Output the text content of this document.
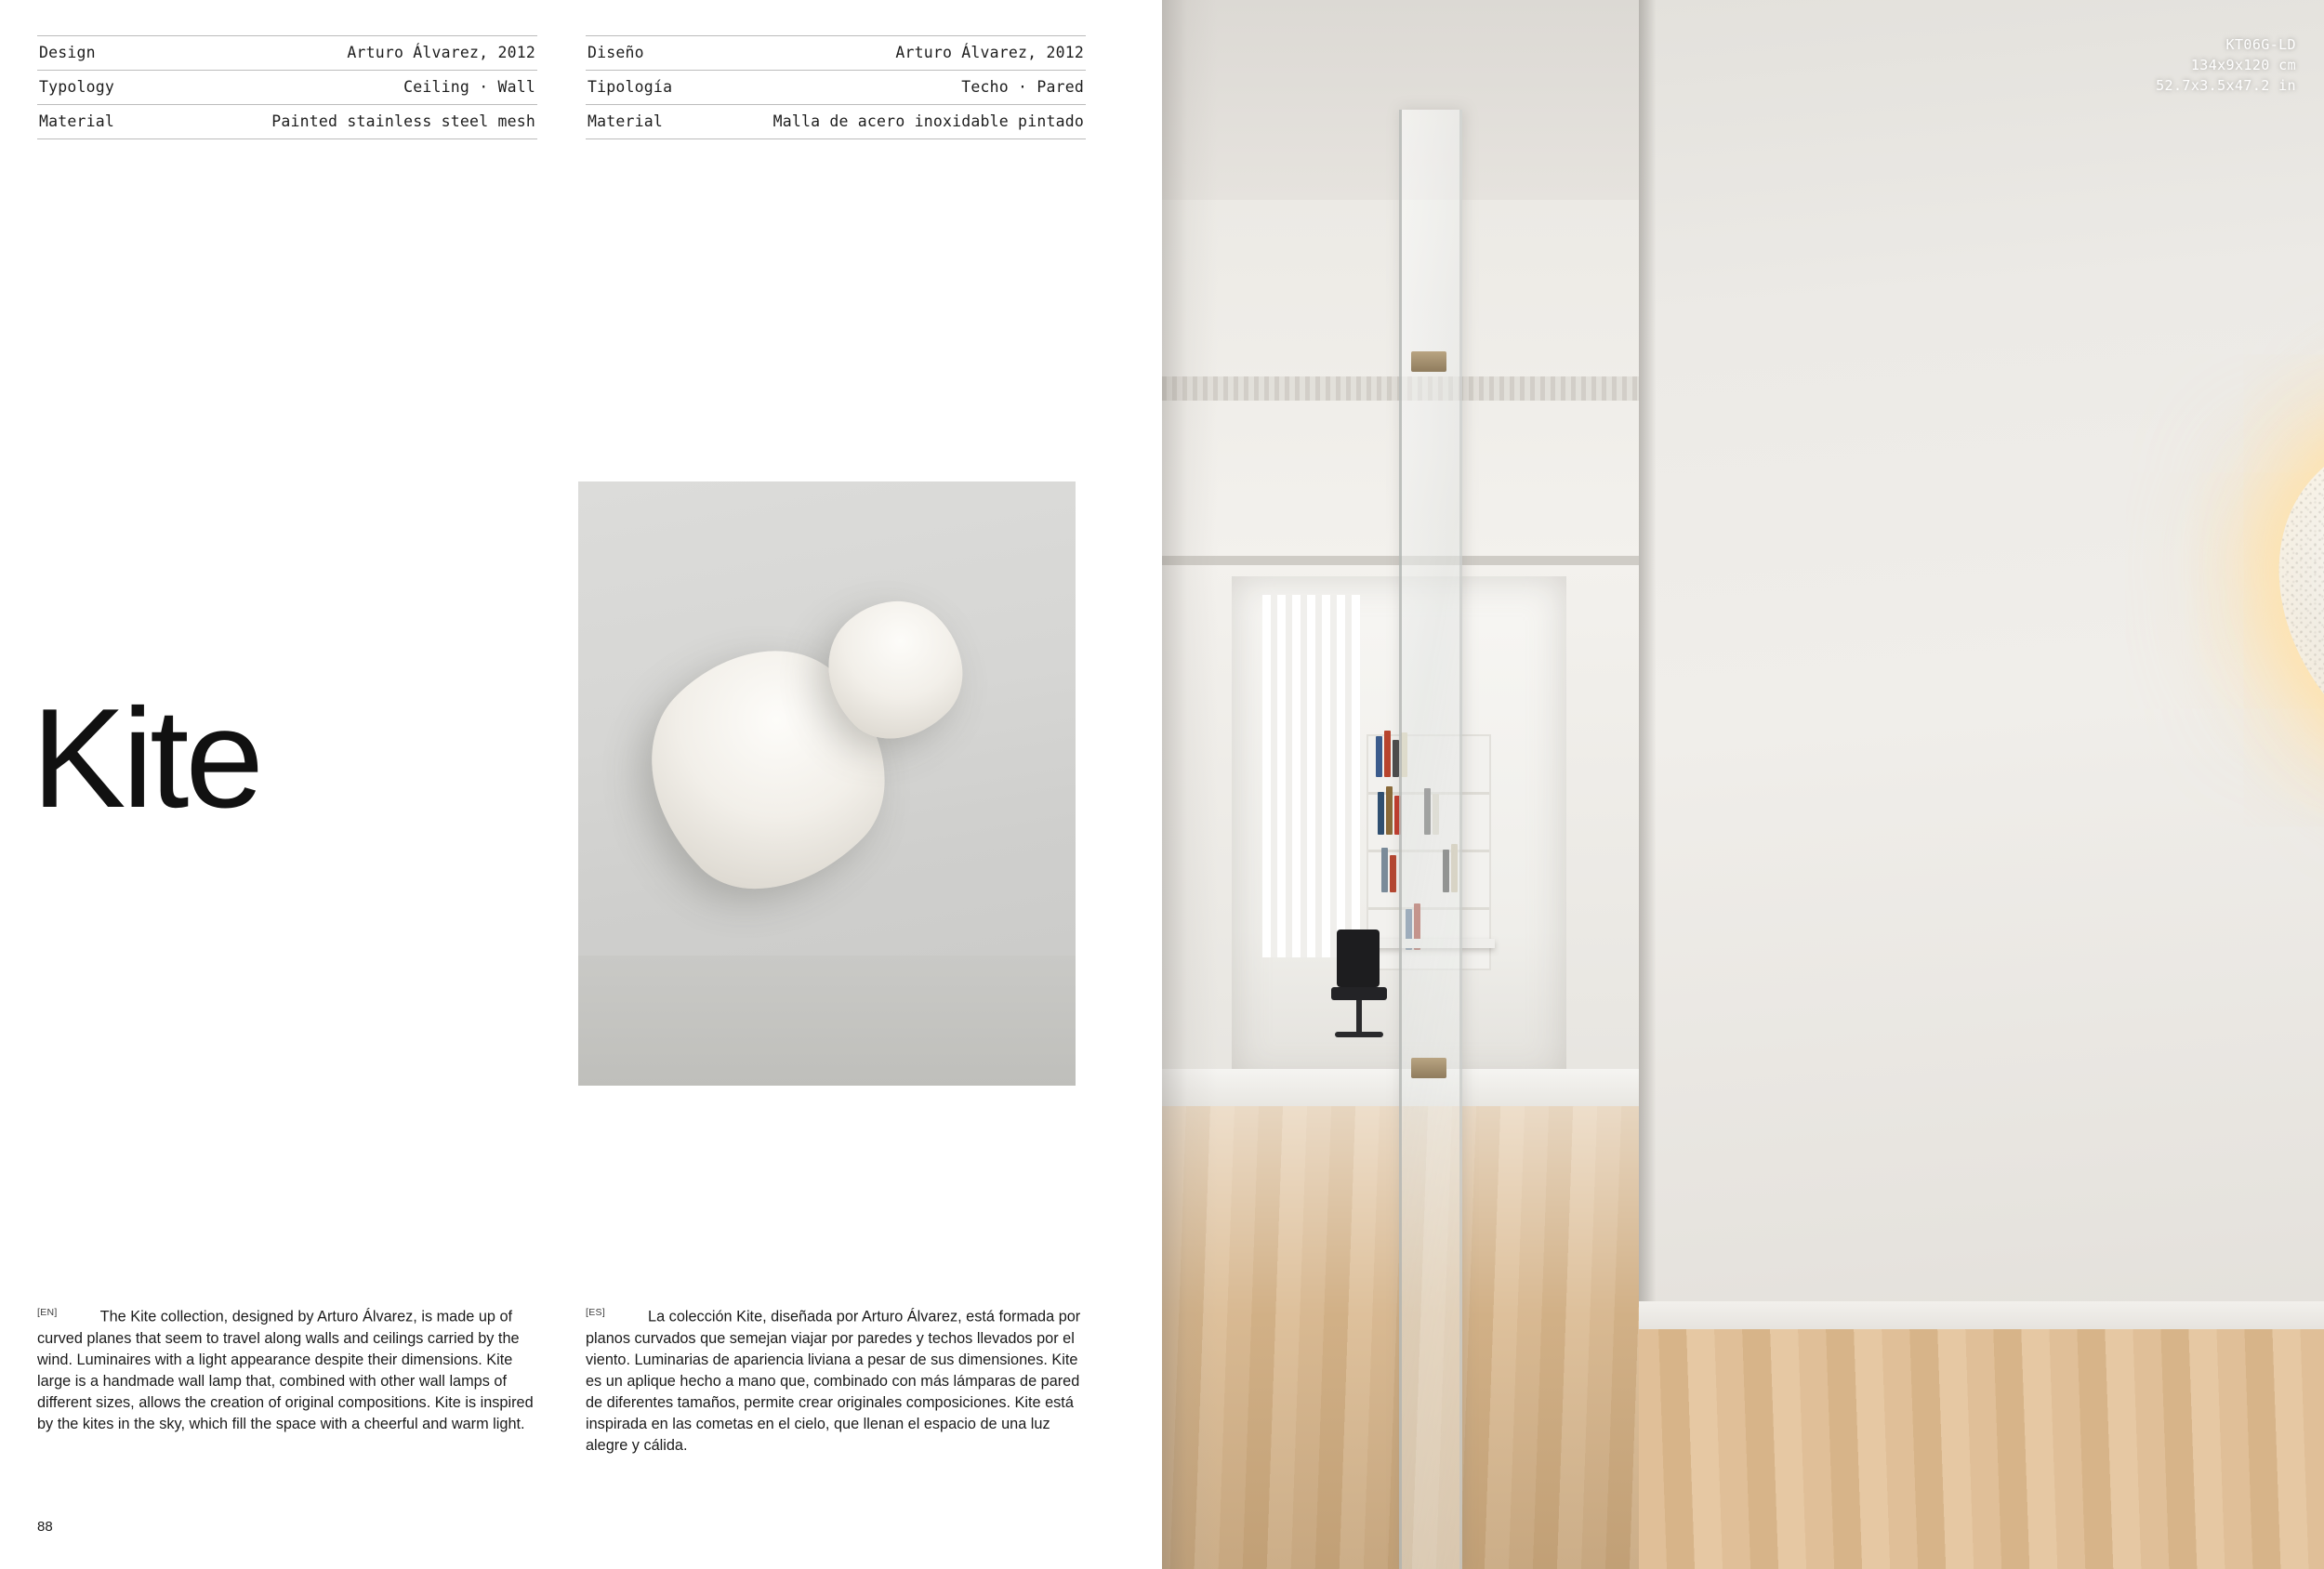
Design	Arturo Álvarez, 2012
Typology	Ceiling · Wall
Material	Painted stainless steel mesh
Diseño	Arturo Álvarez, 2012
Tipología	Techo · Pared
Material	Malla de acero inoxidable pintado
Kite
[EN]	The Kite collection, designed by Arturo Álvarez, is made up of curved planes that seem to travel along walls and ceilings carried by the wind. Luminaires with a light appearance despite their dimensions. Kite large is a handmade wall lamp that, combined with other wall lamps of different sizes, allows the creation of original compositions. Kite is inspired by the kites in the sky, which fill the space with a cheerful and warm light.
[ES]	La colección Kite, diseñada por Arturo Álvarez, está formada por planos curvados que semejan viajar por paredes y techos llevados por el viento. Luminarias de apariencia liviana a pesar de sus dimensiones. Kite es un aplique hecho a mano que, combinado con más lámparas de pared de diferentes tamaños, permite crear originales composiciones. Kite está inspirada en las cometas en el cielo, que llenan el espacio de una luz alegre y cálida.
88
KT06G-LD
134x9x120 cm
52.7x3.5x47.2 in
